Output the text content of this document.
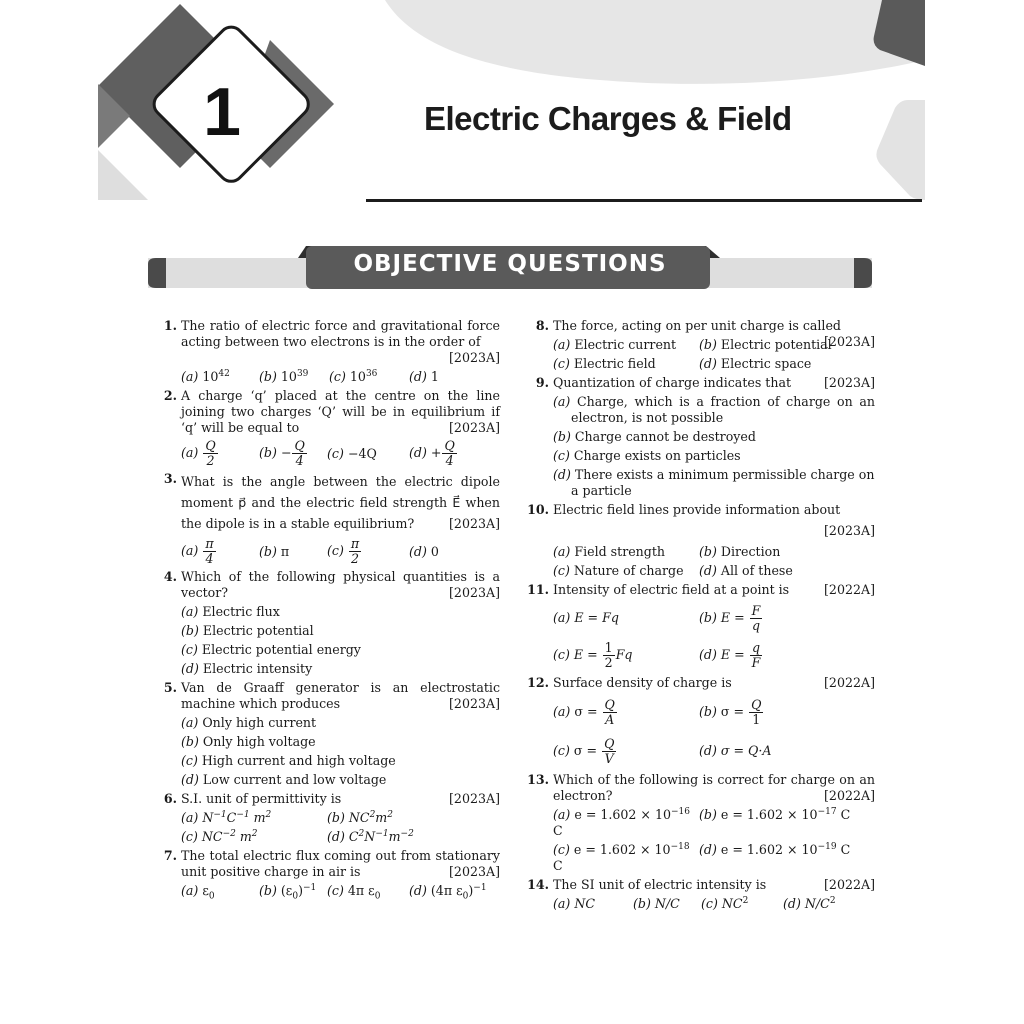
1	Electric Charges & Field
OBJECTIVE QUESTIONS
1. The ratio of electric force and gravitational force acting between two electrons is in the order of
[2023A]
(a) $10^{42}$	(b) $10^{39}$	(c) $10^{36}$	(d) 1
2. A charge ‘q’ placed at the centre on the line joining two charges ‘Q’ will be in equilibrium if ‘q’ will be equal to	[2023A]
$(a) \frac{Q}{2}$	$(b) - \frac{Q}{4} (c) -4Q$	$(d) + \frac{Q}{4}$
3. What is the angle between the electric dipole moment p⃗ and the electric field strength E⃗ when the dipole is in a stable equilibrium?	[2023A]
$(a) \frac{\pi}{4}$	(b) π	$(c) \frac{\pi}{2}$	(d) 0
4. Which of the following physical quantities is a vector?	[2023A]
(a) Electric flux
(b) Electric potential
(c) Electric potential energy
(d) Electric intensity
5. Van de Graaff generator is an electrostatic machine which produces	[2023A]
(a) Only high current
(b) Only high voltage
(c) High current and high voltage
(d) Low current and low voltage
6. S.I. unit of permittivity is	[2023A]
(a) $N^{-1}C^{-1}$ $m^2$	(b) $NC^2m^2$
(c) $NC^{-2}$ $m^2$	(d) $C^2N^{-1}m^{-2}$
7. The total electric flux coming out from stationary unit positive charge in air is	[2023A]
(a) $\varepsilon_0$	(b) $(\varepsilon_0)^{-1}$ (c) 4π $\varepsilon_0$	(d) (4π $\varepsilon_0)^{-1}$
8. The force, acting on per unit charge is called
[2023A]
(a) Electric current	(b) Electric potential
(c) Electric field	(d) Electric space
9. Quantization of charge indicates that	[2023A]
(a) Charge, which is a fraction of charge on an electron, is not possible
(b) Charge cannot be destroyed
(c) Charge exists on particles
(d) There exists a minimum permissible charge on a particle
10. Electric field lines provide information about
[2023A]
(a) Field strength	(b) Direction
(c) Nature of charge	(d) All of these
11. Intensity of electric field at a point is	[2022A]
(a) E = Fq	(b) $E = \frac{F}{q}$
(c) $E = \frac{1}{2}$ Fq	(d) $E = \frac{q}{F}$
12. Surface density of charge is	[2022A]
(a) $\sigma = \frac{Q}{A}$	(b) $\sigma = \frac{Q}{1}$
(c) $\sigma = \frac{Q}{V}$	(d) σ = Q·A
13. Which of the following is correct for charge on an electron?	[2022A]
(a) $e = 1.602 \times 10^{-16}$ C
(b) $e = 1.602 \times 10^{-17}$ C
(c) $e = 1.602 \times 10^{-18}$ C
(d) $e = 1.602 \times 10^{-19}$ C
14. The SI unit of electric intensity is	[2022A]
(a) NC	(b) N/C	(c) $NC^2$	(d) $N/C^2$
